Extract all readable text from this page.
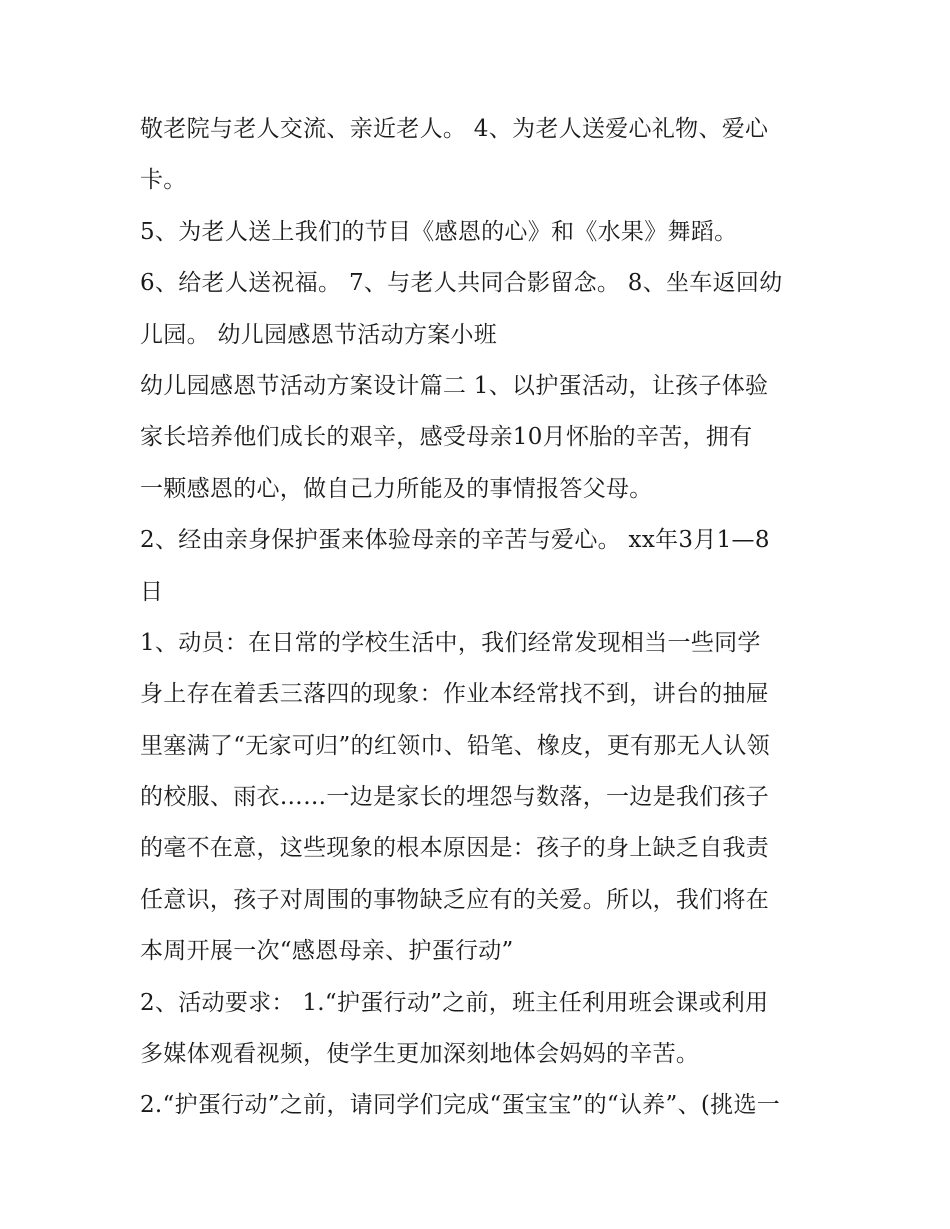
敬老院与老人交流、亲近老人。 4、为老人送爱心礼物、爱心
卡。
5、为老人送上我们的节目《感恩的心》和《水果》舞蹈。
6、给老人送祝福。 7、与老人共同合影留念。 8、坐车返回幼
儿园。 幼儿园感恩节活动方案小班
幼儿园感恩节活动方案设计篇二 1、以护蛋活动，让孩子体验
家长培养他们成长的艰辛，感受母亲10月怀胎的辛苦，拥有
一颗感恩的心，做自己力所能及的事情报答父母。
2、经由亲身保护蛋来体验母亲的辛苦与爱心。 xx年3月1—8
日
1、动员：在日常的学校生活中，我们经常发现相当一些同学
身上存在着丢三落四的现象：作业本经常找不到，讲台的抽屉
里塞满了“无家可归”的红领巾、铅笔、橡皮，更有那无人认领
的校服、雨衣……一边是家长的埋怨与数落，一边是我们孩子
的毫不在意，这些现象的根本原因是：孩子的身上缺乏自我责
任意识，孩子对周围的事物缺乏应有的关爱。所以，我们将在
本周开展一次“感恩母亲、护蛋行动”
2、活动要求： 1.“护蛋行动”之前，班主任利用班会课或利用
多媒体观看视频，使学生更加深刻地体会妈妈的辛苦。
2.“护蛋行动”之前，请同学们完成“蛋宝宝”的“认养”、(挑选一
